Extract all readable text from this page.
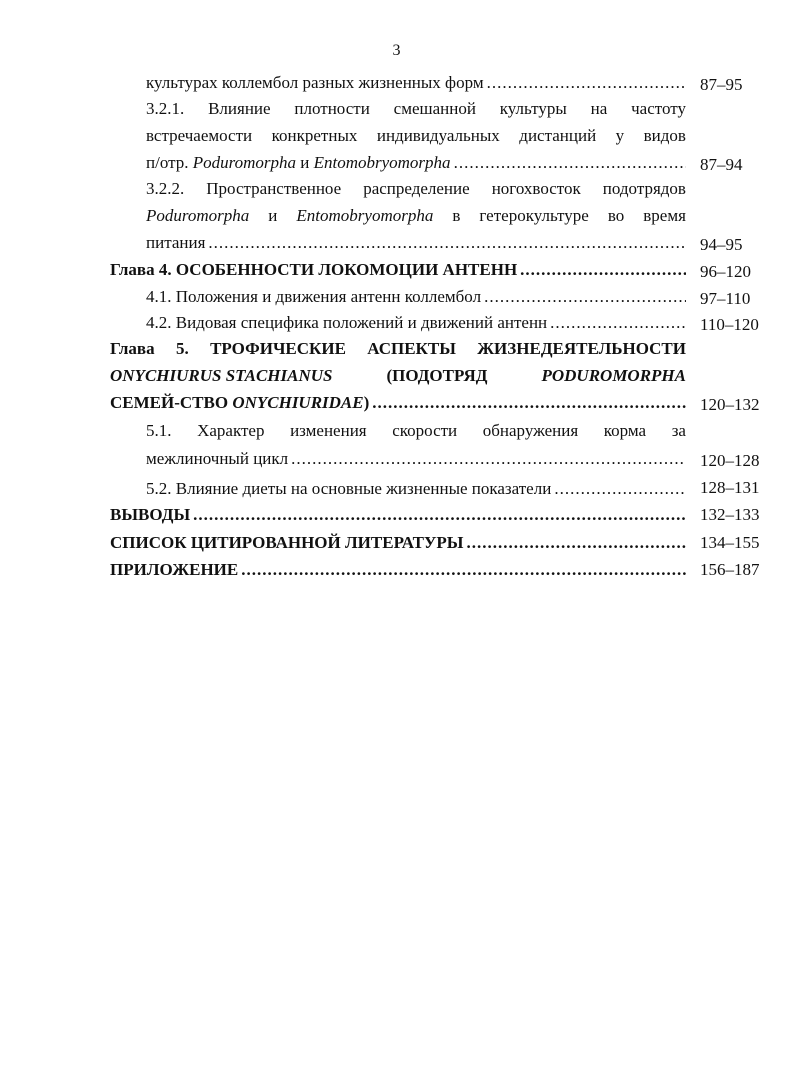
3
культурах коллембол разных жизненных форм .....	87–95
3.2.1. Влияние плотности смешанной культуры на частоту
встречаемости конкретных индивидуальных дистанций у видов
п/отр. Poduromorpha и Entomobryomorpha .....	87–94
3.2.2. Пространственное распределение ногохвосток подотрядов
Poduromorpha и Entomobryomorpha в гетерокультуре во время
питания .....	94–95
Глава 4. ОСОБЕННОСТИ ЛОКОМОЦИИ АНТЕНН .....	96–120
4.1. Положения и движения антенн коллембол .....	97–110
4.2. Видовая специфика положений и движений антенн .....	110–120
Глава 5. ТРОФИЧЕСКИЕ АСПЕКТЫ ЖИЗНЕДЕЯТЕЛЬНОСТИ
ONYCHIURUS STACHIANUS	(ПОДОТРЯД	PODUROMORPHA
СЕМЕЙ-СТВО ONYCHIURIDAE) .....	120–132
5.1. Характер изменения скорости обнаружения корма за
межлиночный цикл .....	120–128
5.2. Влияние диеты на основные жизненные показатели .....	128–131
ВЫВОДЫ .....	132–133
СПИСОК ЦИТИРОВАННОЙ ЛИТЕРАТУРЫ .....	134–155
ПРИЛОЖЕНИЕ .....	156–187
